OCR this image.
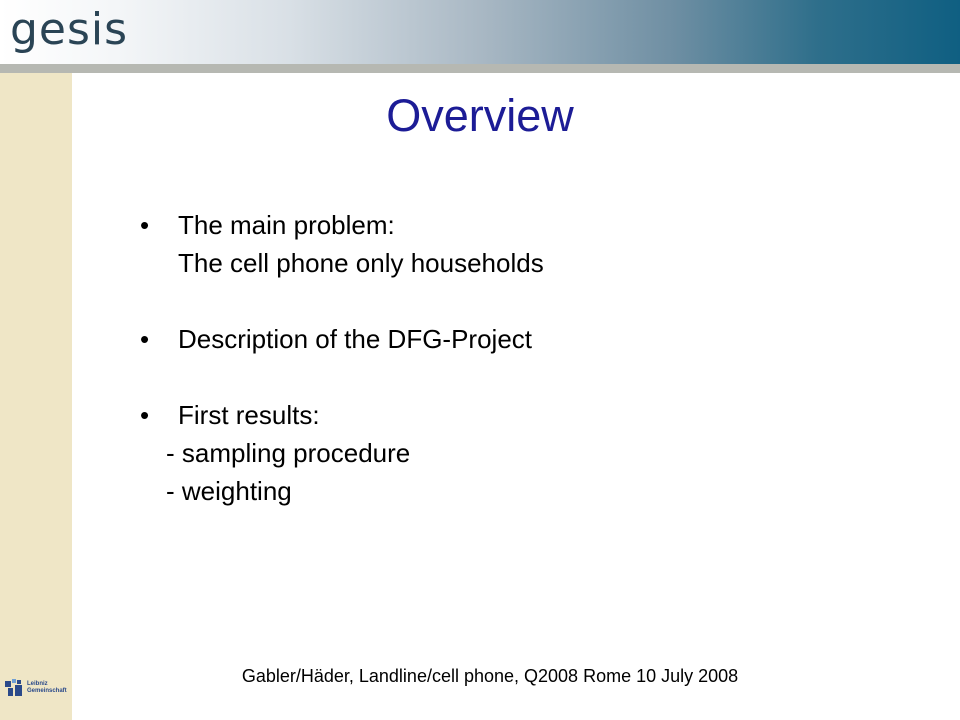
gesis
Leibniz
Gemeinschaft
Overview
•	The main problem:
The cell phone only households
•	Description of the DFG-Project
•	First results:
- sampling procedure
- weighting
Gabler/Häder, Landline/cell phone, Q2008 Rome 10 July 2008
